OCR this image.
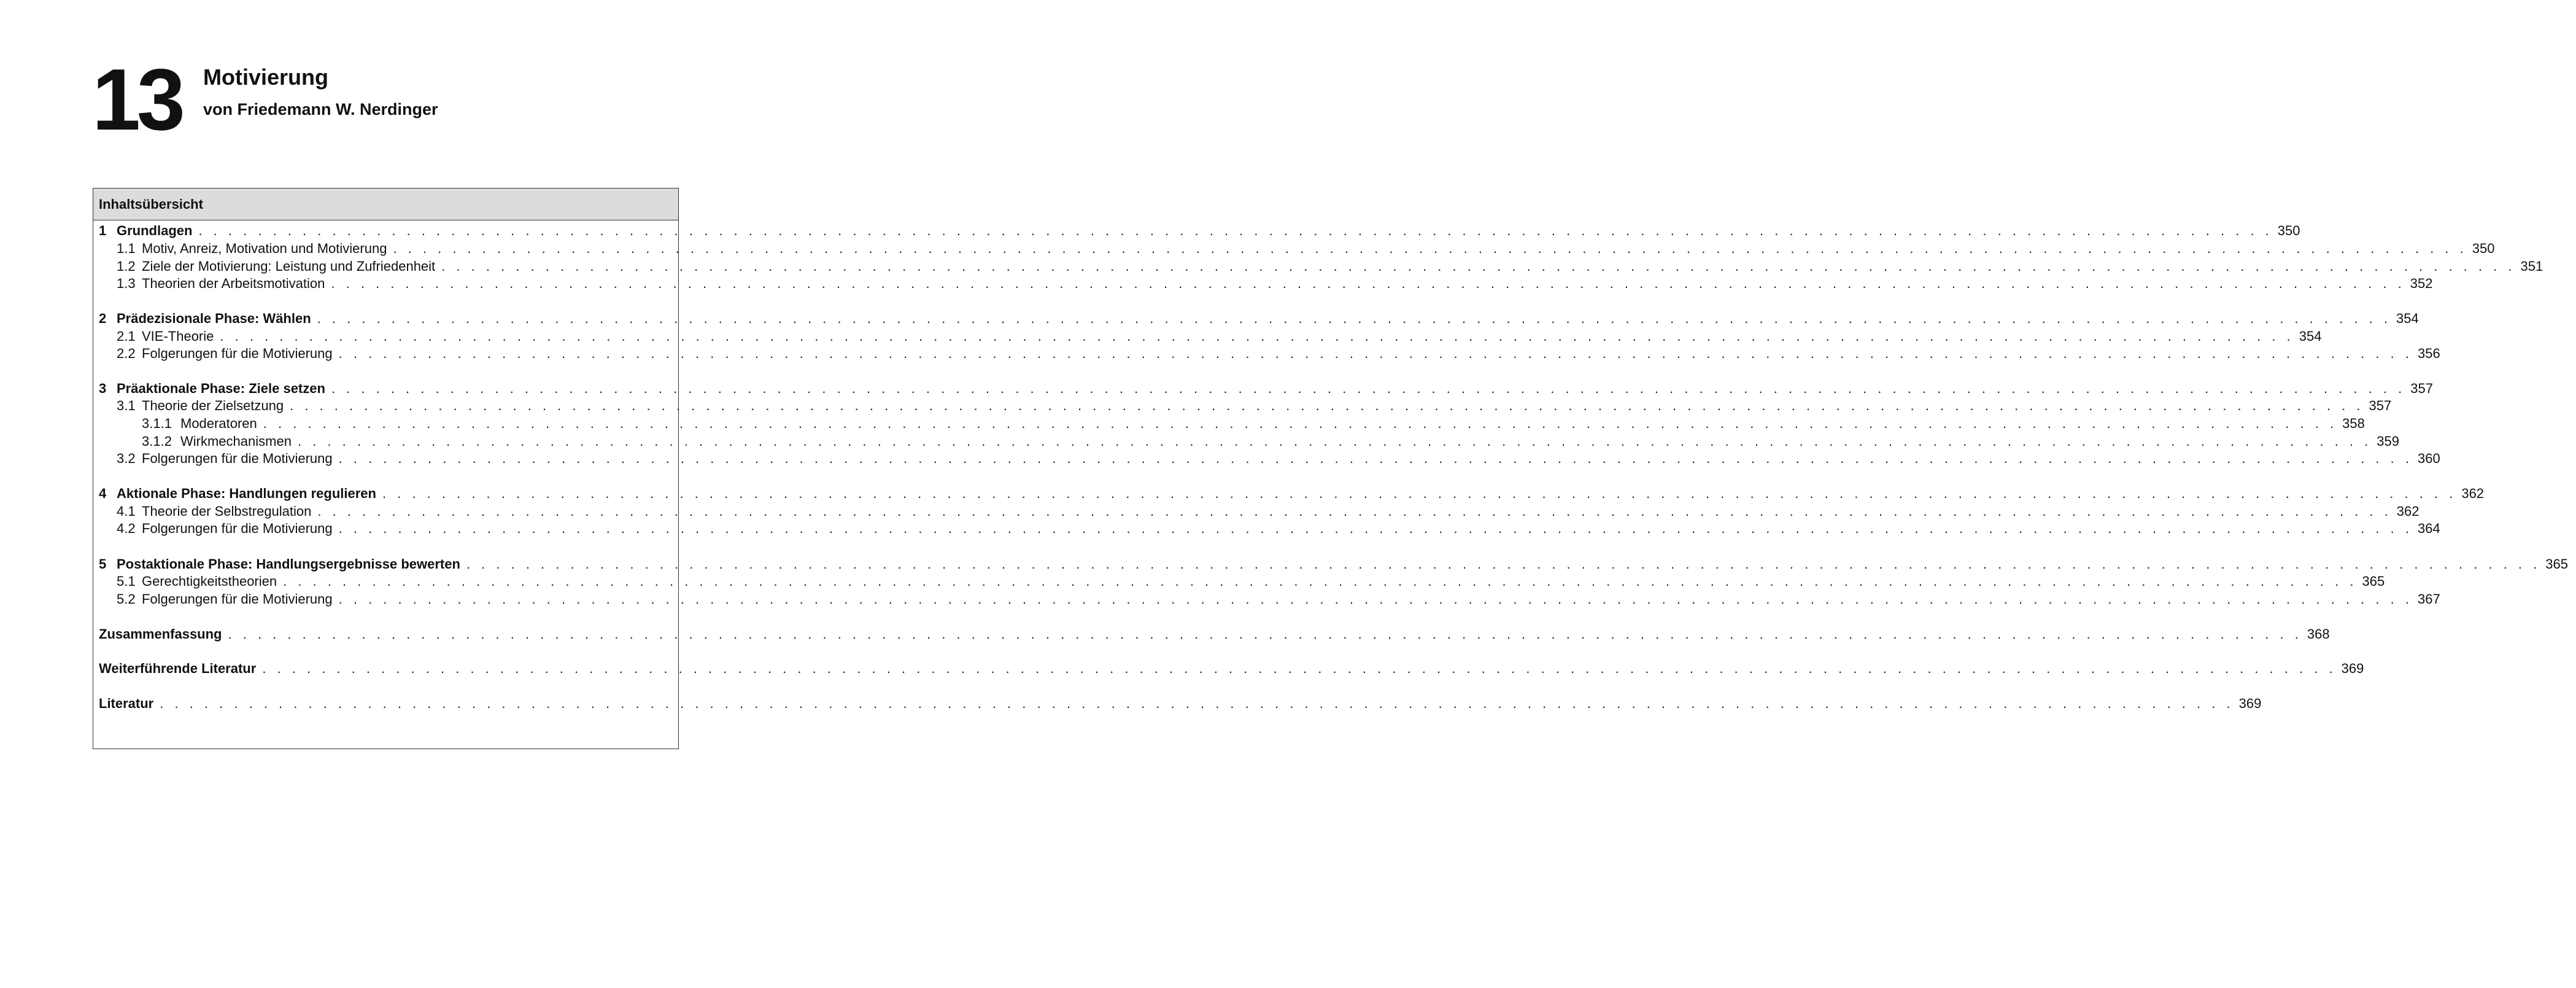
13 Motivierung
von Friedemann W. Nerdinger
Inhaltsübersicht
1 Grundlagen . . . . . . . . . . . . . . . . . . . . . . . . . . . . . . . . . . . . . . . . . . . . . . . . . . . . . . . . . . . . . . . . . . . . . . . . . . . . . . . . . . . . . . . . . . . . . . . . . . . . . . . . . . . . . . . . . . . . . . . . . . . . . . . . . . . . . . . . . . . . 350
1.1 Motiv, Anreiz, Motivation und Motivierung . . . . . . . . . . . . . . . . . . . . . . . . . . . . . . . . . . . . . . . . . . . . . . . . . . . . . . . . . . . . . . . . . . . . . . . . . . . . . . . . . . . . . . . . . . . . . . . . . . . . . . . . . . . . . . . . . . . . . . . . . . . . . . . . . . . . . . . . . . . . 350
1.2 Ziele der Motivierung: Leistung und Zufriedenheit . . . . . . . . . . . . . . . . . . . . . . . . . . . . . . . . . . . . . . . . . . . . . . . . . . . . . . . . . . . . . . . . . . . . . . . . . . . . . . . . . . . . . . . . . . . . . . . . . . . . . . . . . . . . . . . . . . . . . . . . . . . . . . . . . . . . . . . . . . . . 351
1.3 Theorien der Arbeitsmotivation . . . . . . . . . . . . . . . . . . . . . . . . . . . . . . . . . . . . . . . . . . . . . . . . . . . . . . . . . . . . . . . . . . . . . . . . . . . . . . . . . . . . . . . . . . . . . . . . . . . . . . . . . . . . . . . . . . . . . . . . . . . . . . . . . . . . . . . . . . . . 352
2 Prädezisionale Phase: Wählen . . . . . . . . . . . . . . . . . . . . . . . . . . . . . . . . . . . . . . . . . . . . . . . . . . . . . . . . . . . . . . . . . . . . . . . . . . . . . . . . . . . . . . . . . . . . . . . . . . . . . . . . . . . . . . . . . . . . . . . . . . . . . . . . . . . . . . . . . . . . 354
2.1 VIE-Theorie . . . . . . . . . . . . . . . . . . . . . . . . . . . . . . . . . . . . . . . . . . . . . . . . . . . . . . . . . . . . . . . . . . . . . . . . . . . . . . . . . . . . . . . . . . . . . . . . . . . . . . . . . . . . . . . . . . . . . . . . . . . . . . . . . . . . . . . . . . . . 354
2.2 Folgerungen für die Motivierung . . . . . . . . . . . . . . . . . . . . . . . . . . . . . . . . . . . . . . . . . . . . . . . . . . . . . . . . . . . . . . . . . . . . . . . . . . . . . . . . . . . . . . . . . . . . . . . . . . . . . . . . . . . . . . . . . . . . . . . . . . . . . . . . . . . . . . . . . . . . 356
3 Präaktionale Phase: Ziele setzen . . . . . . . . . . . . . . . . . . . . . . . . . . . . . . . . . . . . . . . . . . . . . . . . . . . . . . . . . . . . . . . . . . . . . . . . . . . . . . . . . . . . . . . . . . . . . . . . . . . . . . . . . . . . . . . . . . . . . . . . . . . . . . . . . . . . . . . . . . . . 357
3.1 Theorie der Zielsetzung . . . . . . . . . . . . . . . . . . . . . . . . . . . . . . . . . . . . . . . . . . . . . . . . . . . . . . . . . . . . . . . . . . . . . . . . . . . . . . . . . . . . . . . . . . . . . . . . . . . . . . . . . . . . . . . . . . . . . . . . . . . . . . . . . . . . . . . . . . . . 357
3.1.1 Moderatoren . . . . . . . . . . . . . . . . . . . . . . . . . . . . . . . . . . . . . . . . . . . . . . . . . . . . . . . . . . . . . . . . . . . . . . . . . . . . . . . . . . . . . . . . . . . . . . . . . . . . . . . . . . . . . . . . . . . . . . . . . . . . . . . . . . . . . . . . . . . . 358
3.1.2 Wirkmechanismen . . . . . . . . . . . . . . . . . . . . . . . . . . . . . . . . . . . . . . . . . . . . . . . . . . . . . . . . . . . . . . . . . . . . . . . . . . . . . . . . . . . . . . . . . . . . . . . . . . . . . . . . . . . . . . . . . . . . . . . . . . . . . . . . . . . . . . . . . . . . 359
3.2 Folgerungen für die Motivierung . . . . . . . . . . . . . . . . . . . . . . . . . . . . . . . . . . . . . . . . . . . . . . . . . . . . . . . . . . . . . . . . . . . . . . . . . . . . . . . . . . . . . . . . . . . . . . . . . . . . . . . . . . . . . . . . . . . . . . . . . . . . . . . . . . . . . . . . . . . . 360
4 Aktionale Phase: Handlungen regulieren . . . . . . . . . . . . . . . . . . . . . . . . . . . . . . . . . . . . . . . . . . . . . . . . . . . . . . . . . . . . . . . . . . . . . . . . . . . . . . . . . . . . . . . . . . . . . . . . . . . . . . . . . . . . . . . . . . . . . . . . . . . . . . . . . . . . . . . . . . . . 362
4.1 Theorie der Selbstregulation . . . . . . . . . . . . . . . . . . . . . . . . . . . . . . . . . . . . . . . . . . . . . . . . . . . . . . . . . . . . . . . . . . . . . . . . . . . . . . . . . . . . . . . . . . . . . . . . . . . . . . . . . . . . . . . . . . . . . . . . . . . . . . . . . . . . . . . . . . . . 362
4.2 Folgerungen für die Motivierung . . . . . . . . . . . . . . . . . . . . . . . . . . . . . . . . . . . . . . . . . . . . . . . . . . . . . . . . . . . . . . . . . . . . . . . . . . . . . . . . . . . . . . . . . . . . . . . . . . . . . . . . . . . . . . . . . . . . . . . . . . . . . . . . . . . . . . . . . . . . 364
5 Postaktionale Phase: Handlungsergebnisse bewerten . . . . . . . . . . . . . . . . . . . . . . . . . . . . . . . . . . . . . . . . . . . . . . . . . . . . . . . . . . . . . . . . . . . . . . . . . . . . . . . . . . . . . . . . . . . . . . . . . . . . . . . . . . . . . . . . . . . . . . . . . . . . . . . . . . . . . . . . . . . . 365
5.1 Gerechtigkeitstheorien . . . . . . . . . . . . . . . . . . . . . . . . . . . . . . . . . . . . . . . . . . . . . . . . . . . . . . . . . . . . . . . . . . . . . . . . . . . . . . . . . . . . . . . . . . . . . . . . . . . . . . . . . . . . . . . . . . . . . . . . . . . . . . . . . . . . . . . . . . . . 365
5.2 Folgerungen für die Motivierung . . . . . . . . . . . . . . . . . . . . . . . . . . . . . . . . . . . . . . . . . . . . . . . . . . . . . . . . . . . . . . . . . . . . . . . . . . . . . . . . . . . . . . . . . . . . . . . . . . . . . . . . . . . . . . . . . . . . . . . . . . . . . . . . . . . . . . . . . . . . 367
Zusammenfassung . . . . . . . . . . . . . . . . . . . . . . . . . . . . . . . . . . . . . . . . . . . . . . . . . . . . . . . . . . . . . . . . . . . . . . . . . . . . . . . . . . . . . . . . . . . . . . . . . . . . . . . . . . . . . . . . . . . . . . . . . . . . . . . . . . . . . . . . . . . . 368
Weiterführende Literatur . . . . . . . . . . . . . . . . . . . . . . . . . . . . . . . . . . . . . . . . . . . . . . . . . . . . . . . . . . . . . . . . . . . . . . . . . . . . . . . . . . . . . . . . . . . . . . . . . . . . . . . . . . . . . . . . . . . . . . . . . . . . . . . . . . . . . . . . . . . . 369
Literatur . . . . . . . . . . . . . . . . . . . . . . . . . . . . . . . . . . . . . . . . . . . . . . . . . . . . . . . . . . . . . . . . . . . . . . . . . . . . . . . . . . . . . . . . . . . . . . . . . . . . . . . . . . . . . . . . . . . . . . . . . . . . . . . . . . . . . . . . . . . . 369
